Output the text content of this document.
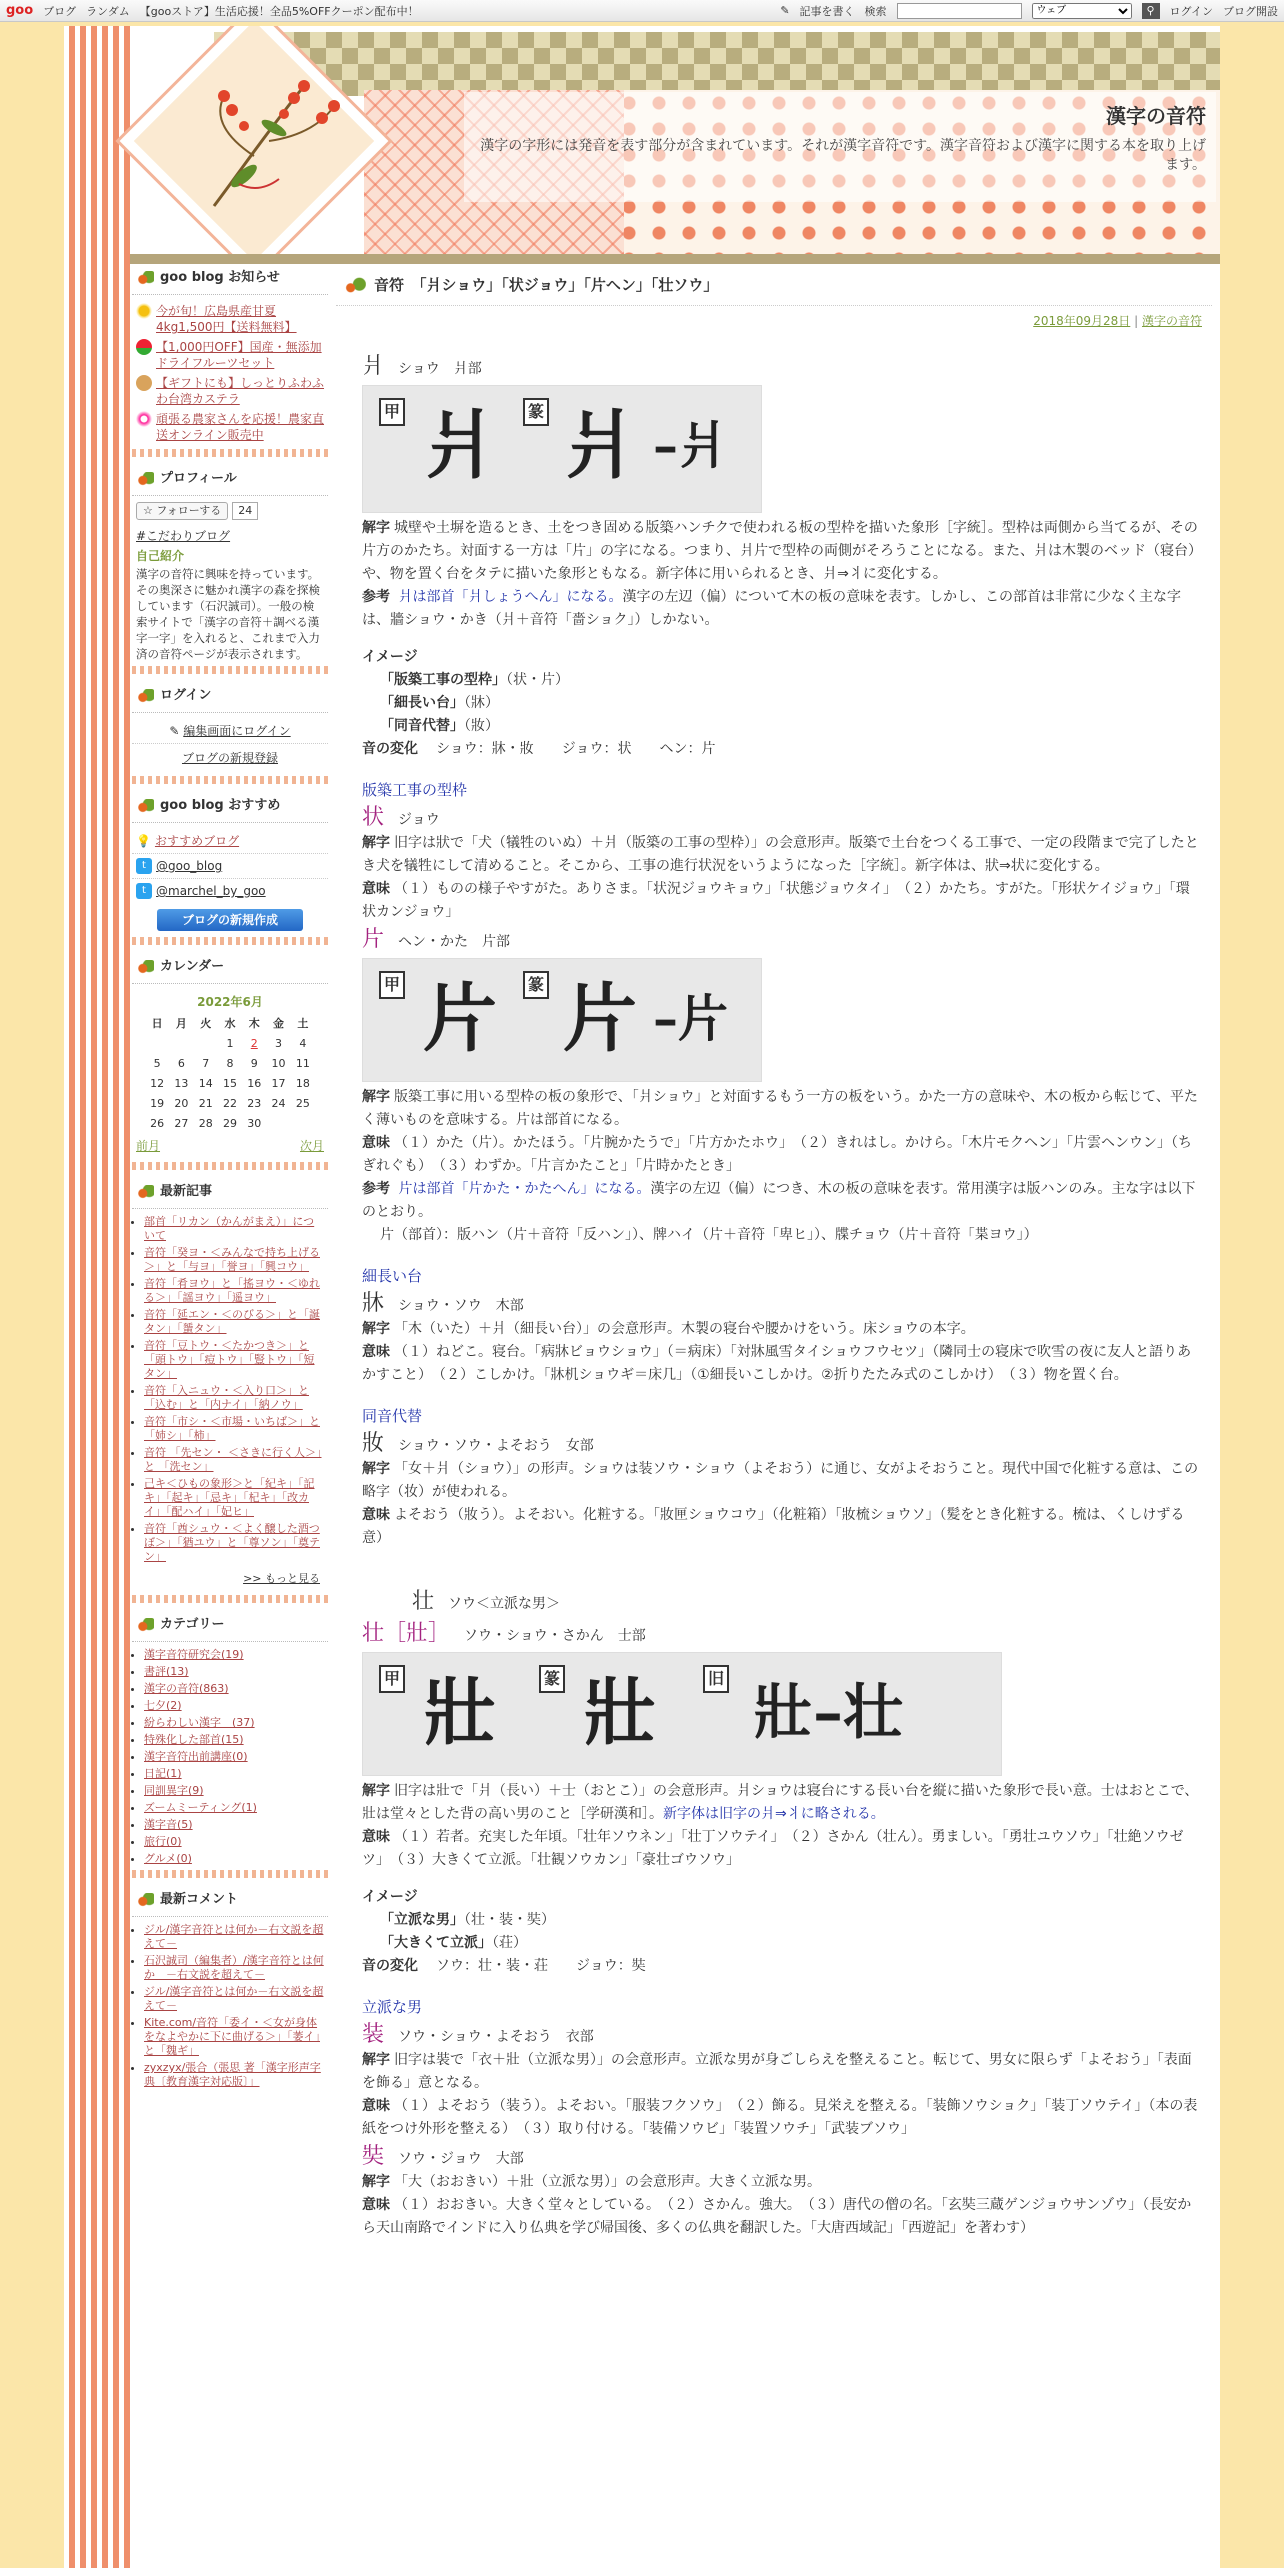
goo ブログ ランダム 【gooストア】生活応援！全品5%OFFクーポン配布中！	✎ 記事を書く 検索
ウェブ	⚲ ログイン ブログ開設
漢字の音符
漢字の字形には発音を表す部分が含まれています。それが漢字音符です。漢字音符および漢字に関する本を取り上げます。
goo blog お知らせ
今が旬！広島県産甘夏4kg1,500円【送料無料】
【1,000円OFF】国産・無添加ドライフルーツセット
【ギフトにも】しっとりふわふわ台湾カステラ
頑張る農家さんを応援！農家直送オンライン販売中
プロフィール
☆ フォローする	24
#こだわりブログ
自己紹介
漢字の音符に興味を持っています。その奥深さに魅かれ漢字の森を探検しています（石沢誠司）。一般の検索サイトで「漢字の音符＋調べる漢字一字」を入れると、これまで入力済の音符ページが表示されます。
ログイン
✎ 編集画面にログイン
ブログの新規登録
goo blog おすすめ
💡 おすすめブログ
t @goo_blog
t @marchel_by_goo
ブログの新規作成
カレンダー
2022年6月
日	月	火	水	木	金	土
			1	2	3	4
5	6	7	8	9	10	11
12	13	14	15	16	17	18
19	20	21	22	23	24	25
26	27	28	29	30		
前月	次月
最新記事
• 部首「リカン（かんがまえ）」について
• 音符「癸ヨ・＜みんなで持ち上げる＞」と「与ヨ」「誉ヨ」「興コウ」
• 音符「肴ヨウ」と「搖ヨウ・＜ゆれる＞」「謡ヨウ」「遥ヨウ」
• 音符「延エン・＜のびる＞」と「誕タン」「蜑タン」
• 音符「豆トウ・＜たかつき＞」と「頭トウ」「痘トウ」「豎トウ」「短タン」
• 音符「入ニュウ・＜入り口＞」と「込む」と「内ナイ」「納ノウ」
• 音符「市シ・＜市場・いちば＞」と「姉シ」「柿」
• 音符 「先セン・ ＜さきに行く人＞」と 「洗セン」
• 己キ＜ひもの象形＞と「紀キ」「記キ」「起キ」「忌キ」「杞キ」「改カイ」「配ハイ」「妃ヒ」
• 音符「酋シュウ・＜よく醸した酒つぼ＞」「猶ユウ」と「尊ソン」「奠テン」
>> もっと見る
カテゴリー
• 漢字音符研究会(19)
• 書評(13)
• 漢字の音符(863)
• 七夕(2)
• 紛らわしい漢字　(37)
• 特殊化した部首(15)
• 漢字音符出前講座(0)
• 日記(1)
• 同訓異字(9)
• ズームミーティング(1)
• 漢字音(5)
• 旅行(0)
• グルメ(0)
最新コメント
• ジル/漢字音符とは何か－右文説を超えて－
• 石沢誠司（編集者）/漢字音符とは何か　－右文説を超えて－
• ジル/漢字音符とは何か－右文説を超えて－
• Kite.com/音符「委イ・＜女が身体をなよやかに下に曲げる＞」「萎イ」と「魏ギ」
• zyxzyx/張合（張思 著「漢字形声字典〔教育漢字対応版〕」
音符　「爿ショウ」「状ジョウ」「片ヘン」「壮ソウ」
2018年09月28日 | 漢字の音符
爿 ショウ 爿部
甲	篆
爿 爿 –爿

解字 城壁や土塀を造るとき、土をつき固める版築ハンチクで使われる板の型枠を描いた象形［字統］。型枠は両側から当てるが、その片方のかたち。対面する一方は「片」の字になる。つまり、爿片で型枠の両側がそろうことになる。また、爿は木製のベッド（寝台）や、物を置く台をタテに描いた象形ともなる。新字体に用いられるとき、爿⇒丬に変化する。

参考 爿は部首「爿しょうへん」になる。漢字の左辺（偏）について木の板の意味を表す。しかし、この部首は非常に少なく主な字は、牆ショウ・かき（爿＋音符「嗇ショク」）しかない。

イメージ

「版築工事の型枠」（状・片）

「細長い台」（牀）

「同音代替」（妝）

音の変化　 ショウ：牀・妝　　ジョウ：状　　ヘン：片

版築工事の型枠

状 ジョウ

解字 旧字は狀で「犬（犠牲のいぬ）＋爿（版築の工事の型枠）」の会意形声。版築で土台をつくる工事で、一定の段階まで完了したとき犬を犠牲にして清めること。そこから、工事の進行状況をいうようになった［字統］。新字体は、狀⇒状に変化する。

意味 （１）ものの様子やすがた。ありさま。「状況ジョウキョウ」「状態ジョウタイ」　（２）かたち。すがた。「形状ケイジョウ」「環状カンジョウ」

片 ヘン・かた 片部
甲	篆
片 片 –片

解字 版築工事に用いる型枠の板の象形で、「爿ショウ」と対面するもう一方の板をいう。かた一方の意味や、木の板から転じて、平たく薄いものを意味する。片は部首になる。

意味 （１）かた（片）。かたほう。「片腕かたうで」「片方かたホウ」　（２）きれはし。かけら。「木片モクヘン」「片雲ヘンウン」（ちぎれぐも）　（３）わずか。「片言かたこと」「片時かたとき」

参考 片は部首「片かた・かたへん」になる。漢字の左辺（偏）につき、木の板の意味を表す。常用漢字は版ハンのみ。主な字は以下のとおり。

片（部首）：版ハン（片＋音符「反ハン」）、牌ハイ（片＋音符「卑ヒ」）、牒チョウ（片＋音符「枼ヨウ」）

細長い台

牀 ショウ・ソウ 木部

解字 「木（いた）＋爿（細長い台）」の会意形声。木製の寝台や腰かけをいう。床ショウの本字。

意味 （１）ねどこ。寝台。「病牀ビョウショウ」（＝病床）「対牀風雪タイショウフウセツ」（隣同士の寝床で吹雪の夜に友人と語りあかすこと）　（２）こしかけ。「牀机ショウギ＝床几」（①細長いこしかけ。②折りたたみ式のこしかけ）　（３）物を置く台。

同音代替

妝 ショウ・ソウ・よそおう 女部

解字 「女＋爿（ショウ）」の形声。ショウは装ソウ・ショウ（よそおう）に通じ、女がよそおうこと。現代中国で化粧する意は、この略字（妆）が使われる。

意味 よそおう（妝う）。よそおい。化粧する。「妝匣ショウコウ」（化粧箱）「妝梳ショウソ」（髪をとき化粧する。梳は、くしけずる意）

壮 ソウ＜立派な男＞
壮［壯］ ソウ・ショウ・さかん 士部
甲	篆	旧
壯 壯 壯–壮

解字 旧字は壯で「爿（長い）＋士（おとこ）」の会意形声。爿ショウは寝台にする長い台を縦に描いた象形で長い意。士はおとこで、壯は堂々とした背の高い男のこと［学研漢和］。新字体は旧字の爿⇒丬に略される。

意味 （１）若者。充実した年頃。「壮年ソウネン」「壮丁ソウテイ」　（２）さかん（壮ん）。勇ましい。「勇壮ユウソウ」「壮絶ソウゼツ」　（３）大きくて立派。「壮観ソウカン」「豪壮ゴウソウ」

イメージ

「立派な男」（壮・装・奘）

「大きくて立派」（荘）

音の変化　 ソウ：壮・装・荘　　ジョウ：奘

立派な男

装 ソウ・ショウ・よそおう 衣部

解字 旧字は裝で「衣＋壯（立派な男）」の会意形声。立派な男が身ごしらえを整えること。転じて、男女に限らず「よそおう」「表面を飾る」意となる。

意味 （１）よそおう（装う）。よそおい。「服装フクソウ」　（２）飾る。見栄えを整える。「装飾ソウショク」「装丁ソウテイ」（本の表紙をつけ外形を整える）　（３）取り付ける。「装備ソウビ」「装置ソウチ」「武装ブソウ」

奘 ソウ・ジョウ 大部

解字 「大（おおきい）＋壯（立派な男）」の会意形声。大きく立派な男。

意味 （１）おおきい。大きく堂々としている。　（２）さかん。強大。　（３）唐代の僧の名。「玄奘三蔵ゲンジョウサンゾウ」（長安から天山南路でインドに入り仏典を学び帰国後、多くの仏典を翻訳した。「大唐西域記」「西遊記」を著わす）
